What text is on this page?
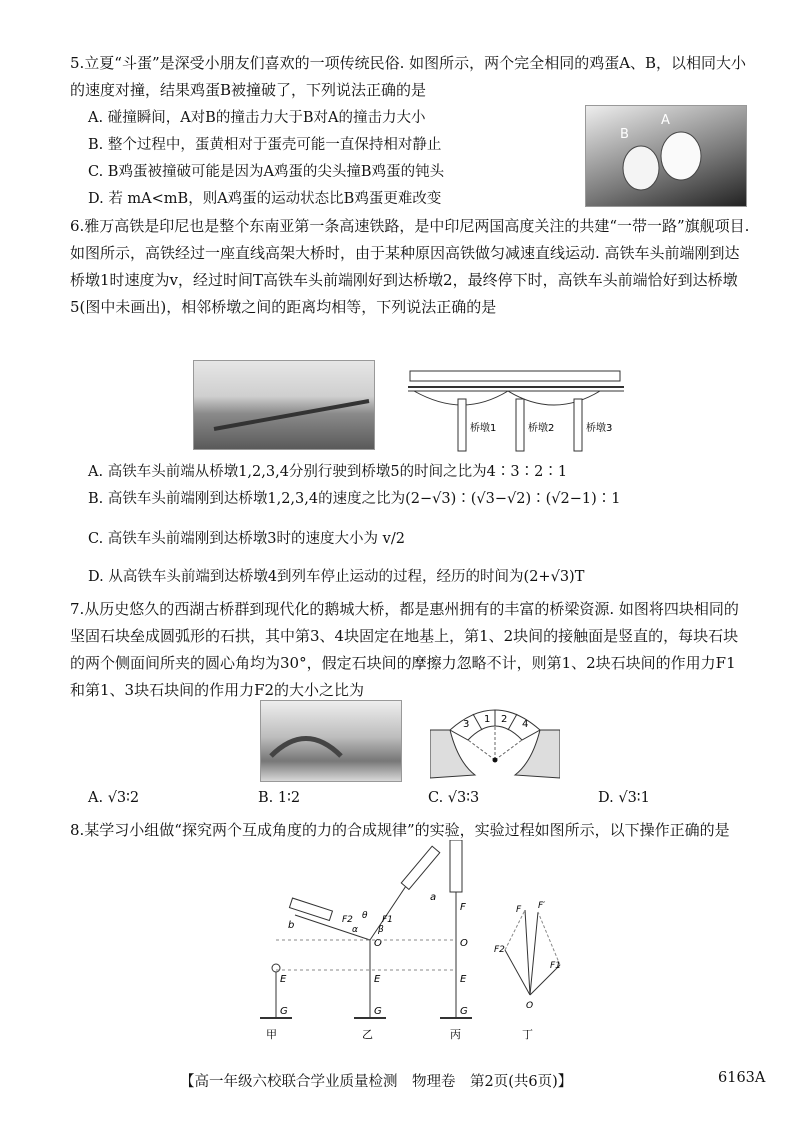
5.立夏“斗蛋”是深受小朋友们喜欢的一项传统民俗. 如图所示，两个完全相同的鸡蛋A、B，以相同大小的速度对撞，结果鸡蛋B被撞破了，下列说法正确的是
A. 碰撞瞬间，A对B的撞击力大于B对A的撞击力大小
B. 整个过程中，蛋黄相对于蛋壳可能一直保持相对静止
C. B鸡蛋被撞破可能是因为A鸡蛋的尖头撞B鸡蛋的钝头
D. 若 mA<mB，则A鸡蛋的运动状态比B鸡蛋更难改变
B
A
6.雅万高铁是印尼也是整个东南亚第一条高速铁路，是中印尼两国高度关注的共建“一带一路”旗舰项目. 如图所示，高铁经过一座直线高架大桥时，由于某种原因高铁做匀减速直线运动. 高铁车头前端刚到达桥墩1时速度为v，经过时间T高铁车头前端刚好到达桥墩2，最终停下时，高铁车头前端恰好到达桥墩5(图中未画出)，相邻桥墩之间的距离均相等，下列说法正确的是
桥墩1	桥墩2	桥墩3
A. 高铁车头前端从桥墩1,2,3,4分别行驶到桥墩5的时间之比为4∶3∶2∶1
B. 高铁车头前端刚到达桥墩1,2,3,4的速度之比为(2−√3)∶(√3−√2)∶(√2−1)∶1
C. 高铁车头前端刚到达桥墩3时的速度大小为 v/2
D. 从高铁车头前端到达桥墩4到列车停止运动的过程，经历的时间为(2+√3)T
7.从历史悠久的西湖古桥群到现代化的鹅城大桥，都是惠州拥有的丰富的桥梁资源. 如图将四块相同的坚固石块垒成圆弧形的石拱，其中第3、4块固定在地基上，第1、2块间的接触面是竖直的，每块石块的两个侧面间所夹的圆心角均为30°，假定石块间的摩擦力忽略不计，则第1、2块石块间的作用力F1和第1、3块石块间的作用力F2的大小之比为
3 1 2 4
A. √3∶2	B. 1∶2	C. √3∶3	D. √3∶1
8.某学习小组做“探究两个互成角度的力的合成规律”的实验，实验过程如图所示，以下操作正确的是
E
G
甲
b
a
F2	F1
θ
α β
O
E
G
乙
F
O
E
G
丙
F F′
F2
F1
O
丁
【高一年级六校联合学业质量检测　物理卷　第2页(共6页)】	6163A
